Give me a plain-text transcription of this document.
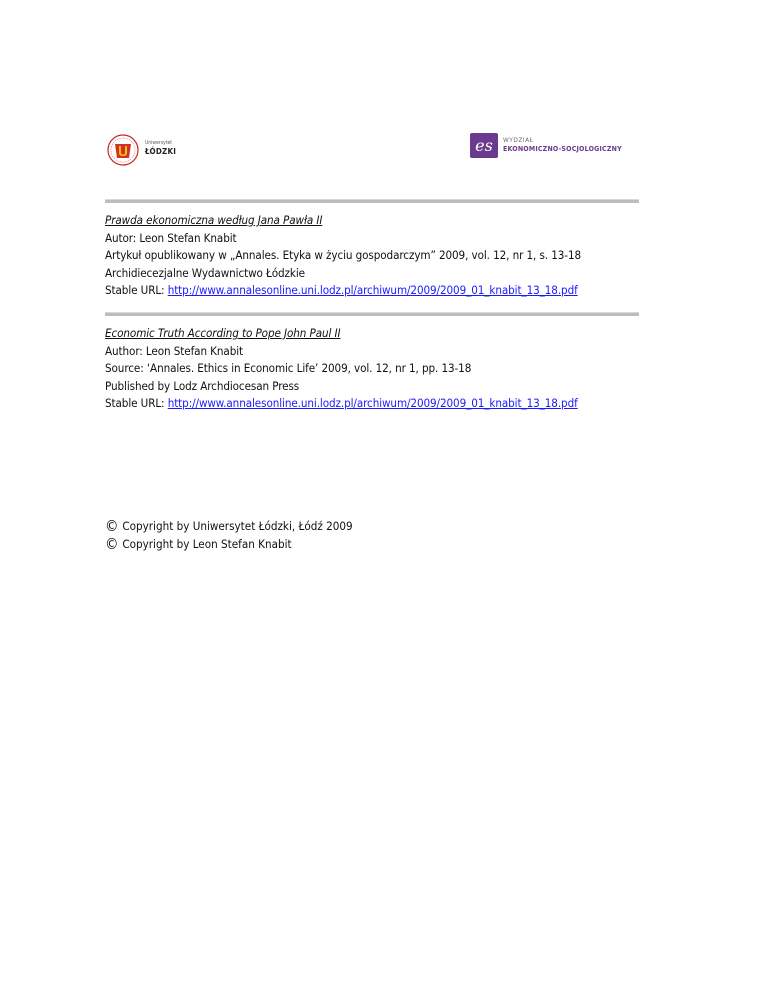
Uniwersytet
ŁÓDZKI	es	WYDZIAŁ
EKONOMICZNO-SOCJOLOGICZNY
Prawda ekonomiczna według Jana Pawła II
Autor: Leon Stefan Knabit
Artykuł opublikowany w „Annales. Etyka w życiu gospodarczym” 2009, vol. 12, nr 1, s. 13-18
Archidiecezjalne Wydawnictwo Łódzkie
Stable URL: http://www.annalesonline.uni.lodz.pl/archiwum/2009/2009_01_knabit_13_18.pdf
Economic Truth According to Pope John Paul II
Author: Leon Stefan Knabit
Source: ‘Annales. Ethics in Economic Life’ 2009, vol. 12, nr 1, pp. 13-18
Published by Lodz Archdiocesan Press
Stable URL: http://www.annalesonline.uni.lodz.pl/archiwum/2009/2009_01_knabit_13_18.pdf
© Copyright by Uniwersytet Łódzki, Łódź 2009
© Copyright by Leon Stefan Knabit
